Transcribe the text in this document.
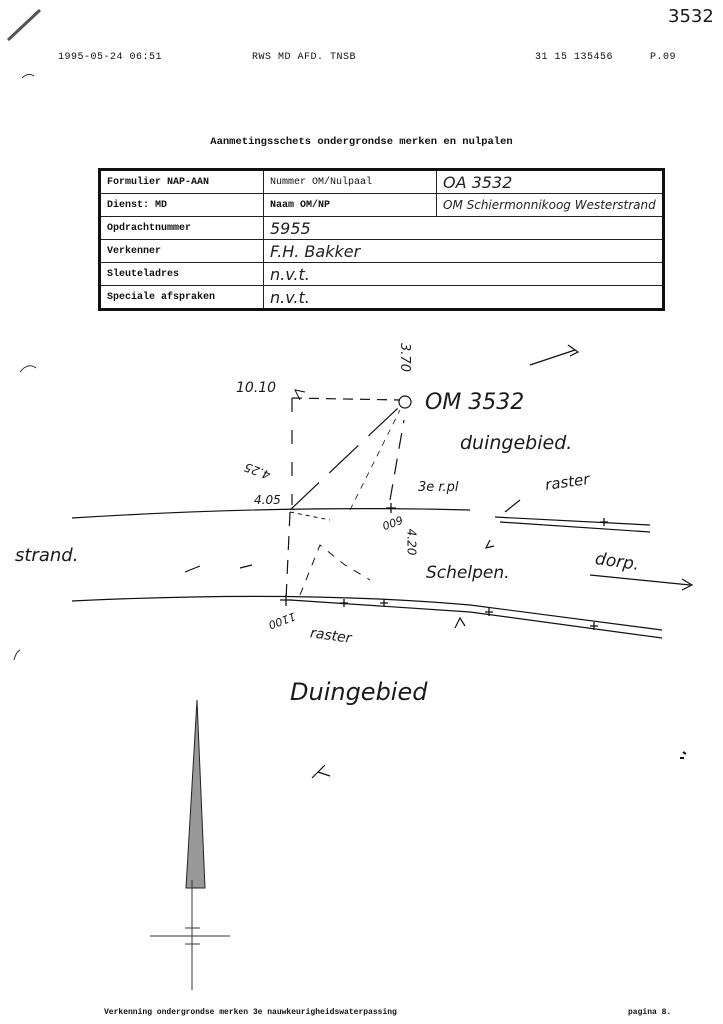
3532
1995-05-24 06:51	RWS MD AFD. TNSB	31 15 135456	P.09
Aanmetingsschets ondergrondse merken en nulpalen
Formulier NAP-AAN	Nummer OM/Nulpaal	OA 3532
Dienst: MD	Naam OM/NP	OM Schiermonnikoog Westerstrand
Opdrachtnummer	5955	
Verkenner	F.H. Bakker	
Sleuteladres	n.v.t.	
Speciale afspraken	n.v.t.	
OM 3532
3.70
10.10
4.25
4.05
4.20
600
1100
3e r.pl
duingebied.
raster
strand.
Schelpen.	dorp.
raster
Duingebied
Verkenning ondergrondse merken 3e nauwkeurigheidswaterpassing	pagina 8.
